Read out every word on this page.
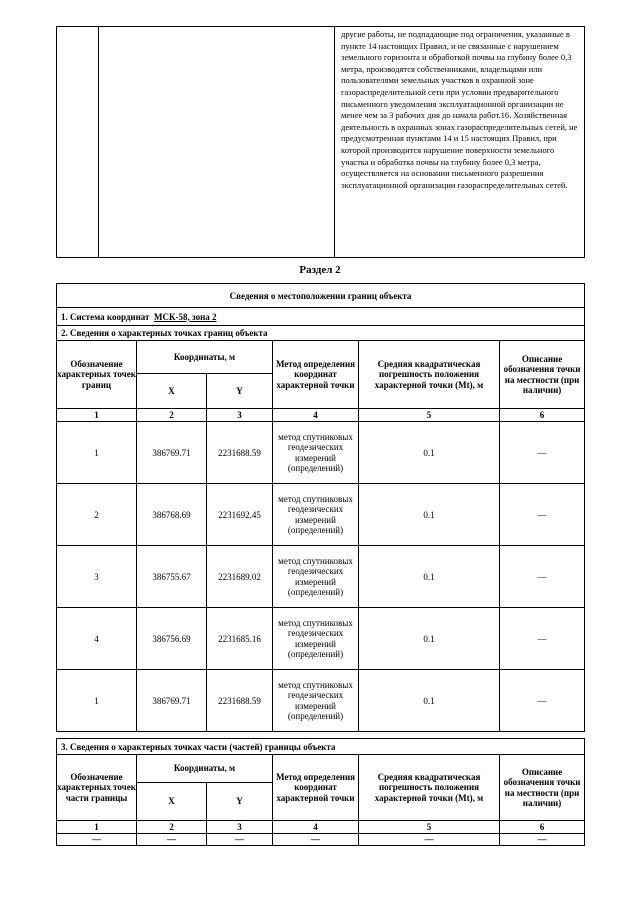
другие работы, не подпадающие под ограничения, указанные в пункте 14 настоящих Правил, и не связанные с нарушением земельного горизонта и обработкой почвы на глубину более 0,3 метра, производятся собственниками, владельцами или пользователями земельных участков в охранной зоне газораспределительной сети при условии предварительного письменного уведомления эксплуатационной организации не менее чем за 3 рабочих дня до начала работ.16. Хозяйственная деятельность в охранных зонах газораспределительных сетей, не предусмотренная пунктами 14 и 15 настоящих Правил, при которой производится нарушение поверхности земельного участка и обработка почвы на глубину более 0,3 метра, осуществляется на основании письменного разрешения эксплуатационной организации газораспределительных сетей.
Раздел 2
Сведения о местоположении границ объекта					
1. Система координат МСК-58, зона 2					
2. Сведения о характерных точках границ объекта					
Обозначение характерных точек границ	Координаты, м		Метод определения координат характерной точки	Средняя квадратическая погрешность положения характерной точки (Mt), м	Описание обозначения точки на местности (при наличии)
	X	Y			
1	2	3	4	5	6
1	386769.71	2231688.59	метод спутниковых геодезических измерений (определений)	0.1	—
2	386768.69	2231692.45	метод спутниковых геодезических измерений (определений)	0.1	—
3	386755.67	2231689.02	метод спутниковых геодезических измерений (определений)	0.1	—
4	386756.69	2231685.16	метод спутниковых геодезических измерений (определений)	0.1	—
1	386769.71	2231688.59	метод спутниковых геодезических измерений (определений)	0.1	—
3. Сведения о характерных точках части (частей) границы объекта					
Обозначение характерных точек части границы	Координаты, м		Метод определения координат характерной точки	Средняя квадратическая погрешность положения характерной точки (Mt), м	Описание обозначения точки на местности (при наличии)
	X	Y			
1	2	3	4	5	6
—	—	—	—	—	—
